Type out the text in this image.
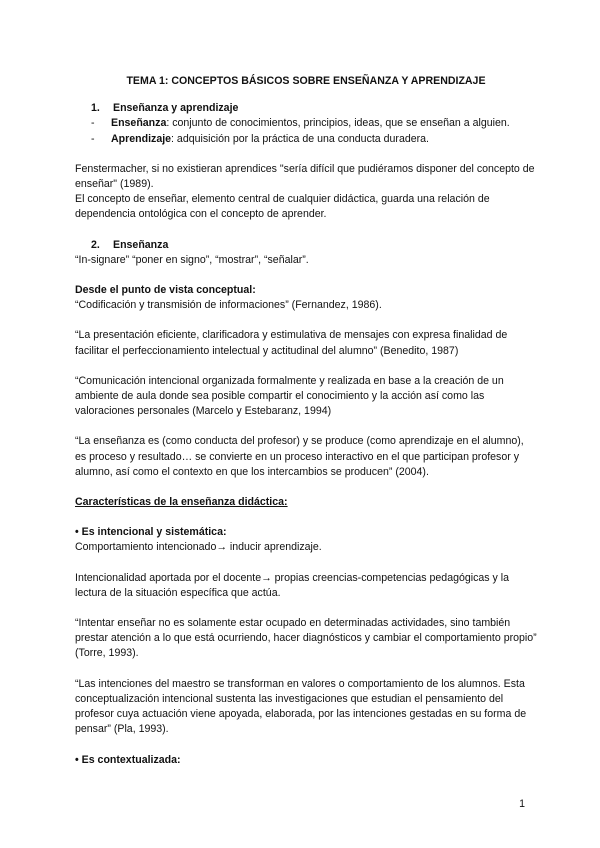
TEMA 1: CONCEPTOS BÁSICOS SOBRE ENSEÑANZA Y APRENDIZAJE

1. Enseñanza y aprendizaje

- Enseñanza: conjunto de conocimientos, principios, ideas, que se enseñan a alguien.
- Aprendizaje: adquisición por la práctica de una conducta duradera.

Fenstermacher, si no existieran aprendices "sería difícil que pudiéramos disponer del concepto de enseñar" (1989).

El concepto de enseñar, elemento central de cualquier didáctica, guarda una relación de dependencia ontológica con el concepto de aprender.

2. Enseñanza

“In-signare” “poner en signo”, “mostrar”, “señalar”.

Desde el punto de vista conceptual:

“Codificación y transmisión de informaciones” (Fernandez, 1986).

“La presentación eficiente, clarificadora y estimulativa de mensajes con expresa finalidad de facilitar el perfeccionamiento intelectual y actitudinal del alumno” (Benedito, 1987)

“Comunicación intencional organizada formalmente y realizada en base a la creación de un ambiente de aula donde sea posible compartir el conocimiento y la acción así como las valoraciones personales (Marcelo y Estebaranz, 1994)

“La enseñanza es (como conducta del profesor) y se produce (como aprendizaje en el alumno), es proceso y resultado… se convierte en un proceso interactivo en el que participan profesor y alumno, así como el contexto en que los intercambios se producen” (2004).

Características de la enseñanza didáctica:

• Es intencional y sistemática:

Comportamiento intencionado→ inducir aprendizaje.

Intencionalidad aportada por el docente→ propias creencias-competencias pedagógicas y la lectura de la situación específica que actúa.

“Intentar enseñar no es solamente estar ocupado en determinadas actividades, sino también prestar atención a lo que está ocurriendo, hacer diagnósticos y cambiar el comportamiento propio” (Torre, 1993).

“Las intenciones del maestro se transforman en valores o comportamiento de los alumnos. Esta conceptualización intencional sustenta las investigaciones que estudian el pensamiento del profesor cuya actuación viene apoyada, elaborada, por las intenciones gestadas en su forma de pensar” (Pla, 1993).

• Es contextualizada:

1
